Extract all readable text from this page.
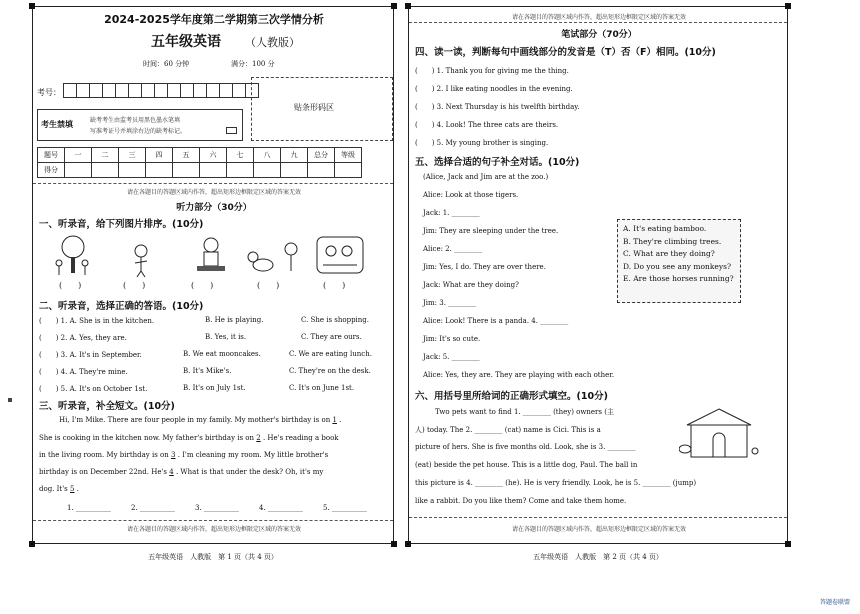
2024-2025学年度第二学期第三次学情分析
五年级英语 （人教版）
时间：60 分钟	满分：100 分
考号：
贴条形码区
考生禁填	缺考考生由监考员用黑色墨水笔填
写准考证号并填涂右边的缺考标记。
题号	一	二	三	四	五	六	七	八	九	总分	等级
得分											
请在各题目的答题区域内作答，超出矩形边框限定区域的答案无效
听力部分（30分）
一、听录音，给下列图片排序。(10分)
(　　)	(　　)	(　　)	(　　)	(　　)
二、听录音，选择正确的答语。(10分)
(　　) 1. A. She is in the kitchen.	B. He is playing.	C. She is shopping.
(　　) 2. A. Yes, they are.	B. Yes, it is.	C. They are ours.
(　　) 3. A. It's in September.	B. We eat mooncakes.	C. We are eating lunch.
(　　) 4. A. They're mine.	B. It's Mike's.	C. They're on the desk.
(　　) 5. A. It's on October 1st.	B. It's on July 1st.	C. It's on June 1st.
三、听录音，补全短文。(10分)
Hi, I'm Mike. There are four people in my family. My mother's birthday is on 1 .
She is cooking in the kitchen now. My father's birthday is on 2 . He's reading a book
in the living room. My birthday is on 3 . I'm cleaning my room. My little brother's
birthday is on December 22nd. He's 4 . What is that under the desk? Oh, it's my
dog. It's 5 .
1. __________	2. __________	3. __________	4. __________	5. __________
请在各题目的答题区域内作答，超出矩形边框限定区域的答案无效
五年级英语　人教版　第 1 页（共 4 页）
请在各题目的答题区域内作答，超出矩形边框限定区域的答案无效
笔试部分（70分）
四、读一读，判断每句中画线部分的发音是（T）否（F）相同。(10分)
(　　) 1. Thank you for giving me the thing.
(　　) 2. I like eating noodles in the evening.
(　　) 3. Next Thursday is his twelfth birthday.
(　　) 4. Look! The three cats are theirs.
(　　) 5. My young brother is singing.
五、选择合适的句子补全对话。(10分)
(Alice, Jack and Jim are at the zoo.)
Alice: Look at those tigers.
Jack: 1. ________
Jim: They are sleeping under the tree.
Alice: 2. ________
Jim: Yes, I do. They are over there.
Jack: What are they doing?
Jim: 3. ________
Alice: Look! There is a panda. 4. ________
Jim: It's so cute.
Jack: 5. ________
Alice: Yes, they are. They are playing with each other.
A. It's eating bamboo.
B. They're climbing trees.
C. What are they doing?
D. Do you see any monkeys?
E. Are those horses running?
六、用括号里所给词的正确形式填空。(10分)
Two pets want to find 1. ________ (they) owners (主
人) today. The 2. ________ (cat) name is Cici. This is a
picture of hers. She is five months old. Look, she is 3. ________
(eat) beside the pet house. This is a little dog, Paul. The ball in
this picture is 4. ________ (he). He is very friendly. Look, he is 5. ________ (jump)
like a rabbit. Do you like them? Come and take them home.
请在各题目的答题区域内作答，超出矩形边框限定区域的答案无效
五年级英语　人教版　第 2 页（共 4 页）
答题卷联盟
